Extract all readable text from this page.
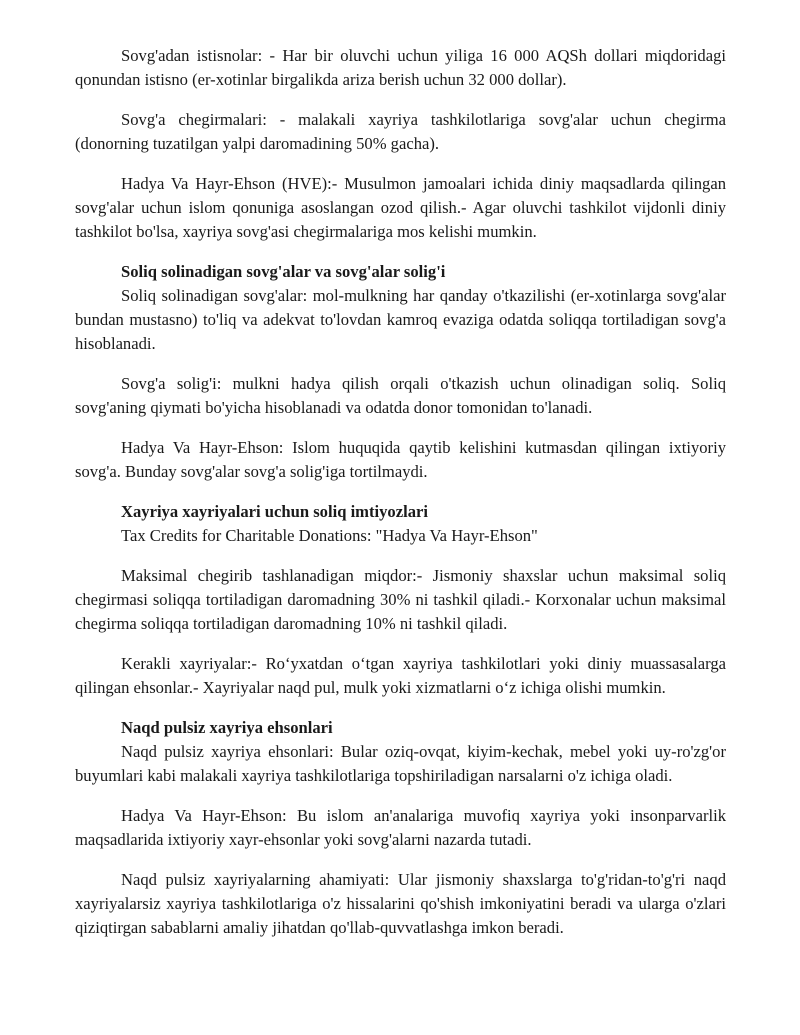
Sovg'adan istisnolar: - Har bir oluvchi uchun yiliga 16 000 AQSh dollari miqdoridagi qonundan istisno (er-xotinlar birgalikda ariza berish uchun 32 000 dollar).

Sovg'a chegirmalari: - malakali xayriya tashkilotlariga sovg'alar uchun chegirma (donorning tuzatilgan yalpi daromadining 50% gacha).

Hadya Va Hayr-Ehson (HVE):- Musulmon jamoalari ichida diniy maqsadlarda qilingan sovg'alar uchun islom qonuniga asoslangan ozod qilish.- Agar oluvchi tashkilot vijdonli diniy tashkilot bo'lsa, xayriya sovg'asi chegirmalariga mos kelishi mumkin.

Soliq solinadigan sovg'alar va sovg'alar solig'i

Soliq solinadigan sovg'alar: mol-mulkning har qanday o'tkazilishi (er-xotinlarga sovg'alar bundan mustasno) to'liq va adekvat to'lovdan kamroq evaziga odatda soliqqa tortiladigan sovg'a hisoblanadi.

Sovg'a solig'i: mulkni hadya qilish orqali o'tkazish uchun olinadigan soliq. Soliq sovg'aning qiymati bo'yicha hisoblanadi va odatda donor tomonidan to'lanadi.

Hadya Va Hayr-Ehson: Islom huquqida qaytib kelishini kutmasdan qilingan ixtiyoriy sovg'a. Bunday sovg'alar sovg'a solig'iga tortilmaydi.

Xayriya xayriyalari uchun soliq imtiyozlari
Tax Credits for Charitable Donations: "Hadya Va Hayr-Ehson"

Maksimal chegirib tashlanadigan miqdor:- Jismoniy shaxslar uchun maksimal soliq chegirmasi soliqqa tortiladigan daromadning 30% ni tashkil qiladi.- Korxonalar uchun maksimal chegirma soliqqa tortiladigan daromadning 10% ni tashkil qiladi.

Kerakli xayriyalar:- Ro‘yxatdan o‘tgan xayriya tashkilotlari yoki diniy muassasalarga qilingan ehsonlar.- Xayriyalar naqd pul, mulk yoki xizmatlarni o‘z ichiga olishi mumkin.

Naqd pulsiz xayriya ehsonlari

Naqd pulsiz xayriya ehsonlari: Bular oziq-ovqat, kiyim-kechak, mebel yoki uy-ro'zg'or buyumlari kabi malakali xayriya tashkilotlariga topshiriladigan narsalarni o'z ichiga oladi.

Hadya Va Hayr-Ehson: Bu islom an'analariga muvofiq xayriya yoki insonparvarlik maqsadlarida ixtiyoriy xayr-ehsonlar yoki sovg'alarni nazarda tutadi.

Naqd pulsiz xayriyalarning ahamiyati: Ular jismoniy shaxslarga to'g'ridan-to'g'ri naqd xayriyalarsiz xayriya tashkilotlariga o'z hissalarini qo'shish imkoniyatini beradi va ularga o'zlari qiziqtirgan sabablarni amaliy jihatdan qo'llab-quvvatlashga imkon beradi.
